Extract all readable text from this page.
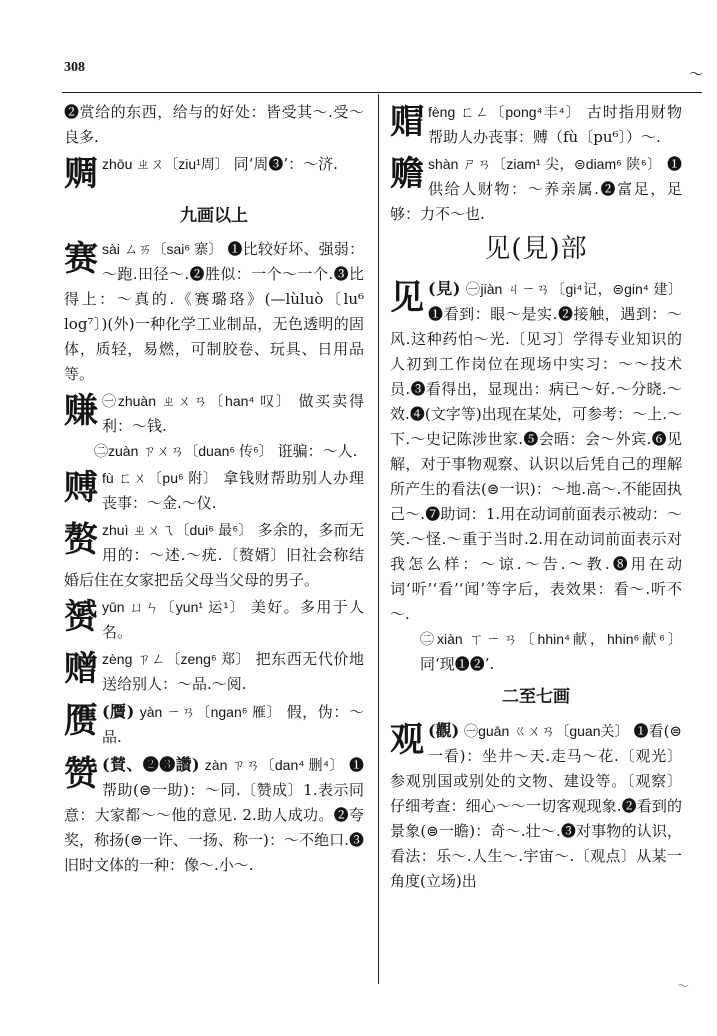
308	～
❷赏给的东西，给与的好处：皆受其～.受～良多.
赒 zhōu ㄓㄡ〔ziu¹周〕 同‘周❸’：～济.
九画以上
赛 sài ㄙㄞ〔sai⁶ 寨〕 ❶比较好坏、强弱：～跑.田径～.❷胜似：一个～一个.❸比得上：～真的.《赛璐珞》(—lùluò〔lu⁶ log⁷〕)(外)一种化学工业制品，无色透明的固体，质轻，易燃，可制胶卷、玩具、日用品等。
赚 ㊀zhuàn ㄓㄨㄢ〔han⁴ 叹〕 做买卖得利：～钱.
㊁zuàn ㄗㄨㄢ〔duan⁶ 传⁶〕 诳骗：～人.
赙 fù ㄈㄨ〔pu⁶ 附〕 拿钱财帮助别人办理丧事：～金.～仪.
赘 zhuì ㄓㄨㄟ〔dui⁶ 最⁶〕 多余的，多而无用的：～述.～疣.〔赘婿〕旧社会称结婚后住在女家把岳父母当父母的男子。
赟 yūn ㄩㄣ〔yun¹ 运¹〕 美好。多用于人名。
赠 zèng ㄗㄥ〔zeng⁶ 郑〕 把东西无代价地送给别人：～品.～阅.
赝 (贋) yàn ㄧㄢ〔ngan⁶ 雁〕 假，伪：～品.
赞 (賛、❷❸讚) zàn ㄗㄢ〔dan⁴ 删⁴〕 ❶帮助(⊜一助)：～同.〔赞成〕1.表示同意：大家都～～他的意见. 2.助人成功。❷夸奖，称扬(⊜一许、一扬、称一)：～不绝口.❸旧时文体的一种：像～.小～.
赗 fèng ㄈㄥ〔pong⁴丰⁴〕 古时指用财物帮助人办丧事：赙（fù〔pu⁶〕）～.
赡 shàn ㄕㄢ〔ziam¹ 尖，⊜diam⁶ 陕⁶〕 ❶供给人财物：～养亲属.❷富足，足够：力不～也.
见(見)部
见 (見) ㊀jiàn ㄐㄧㄢ〔gi⁴记，⊜gin⁴ 建〕 ❶看到：眼～是实.❷接触，遇到：～风.这种药怕～光.〔见习〕学得专业知识的人初到工作岗位在现场中实习：～～技术员.❸看得出，显现出：病已～好.～分晓.～效.❹(文字等)出现在某处，可参考：～上.～下.～史记陈涉世家.❺会晤：会～外宾.❻见解，对于事物观察、认识以后凭自己的理解所产生的看法(⊜一识)：～地.高～.不能固执己～.❼助词：1.用在动词前面表示被动：～笑.～怪.～重于当时.2.用在动词前面表示对我怎么样：～谅.～告.～教.❽用在动词‘听’‘看’‘闻’等字后，表效果：看～.听不～.
㊁xiàn ㄒㄧㄢ〔hhin⁴献，hhin⁶献⁶〕 同‘现❶❷’.
二至七画
观 (觀) ㊀guān ㄍㄨㄢ〔guan关〕 ❶看(⊜一看)：坐井～天.走马～花.〔观光〕参观別国或别处的文物、建设等。〔观察〕仔细考查：细心～～一切客观现象.❷看到的景象(⊜一瞻)：奇～.壮～.❸对事物的认识，看法：乐～.人生～.宇宙～.〔观点〕从某一角度(立场)出
～
